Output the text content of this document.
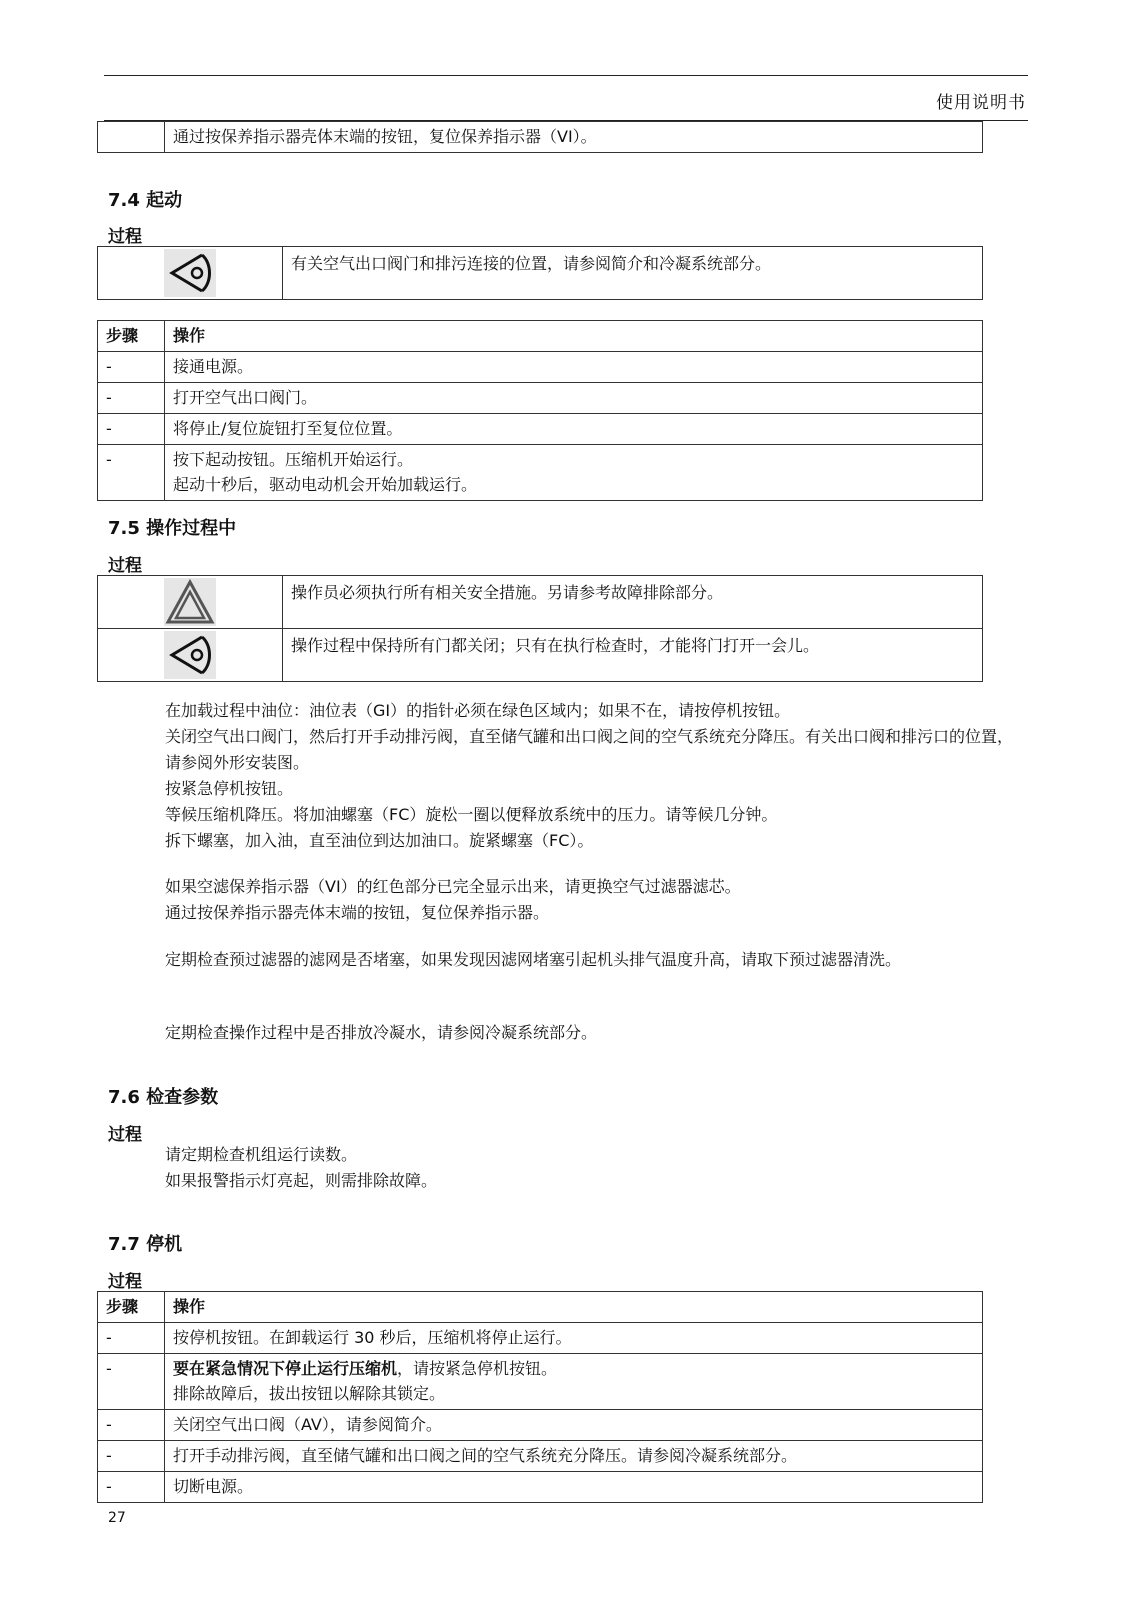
使用说明书
	通过按保养指示器壳体末端的按钮，复位保养指示器（VI）。
7.4 起动
过程
	有关空气出口阀门和排污连接的位置，请参阅简介和冷凝系统部分。
步骤	操作
-	接通电源。
-	打开空气出口阀门。
-	将停止/复位旋钮打至复位位置。
-	按下起动按钮。压缩机开始运行。
起动十秒后，驱动电动机会开始加载运行。
7.5 操作过程中
过程
	操作员必须执行所有相关安全措施。另请参考故障排除部分。
	操作过程中保持所有门都关闭；只有在执行检查时，才能将门打开一会儿。

在加载过程中油位：油位表（GI）的指针必须在绿色区域内；如果不在，请按停机按钮。

关闭空气出口阀门，然后打开手动排污阀，直至储气罐和出口阀之间的空气系统充分降压。有关出口阀和排污口的位置，请参阅外形安装图。

按紧急停机按钮。

等候压缩机降压。将加油螺塞（FC）旋松一圈以便释放系统中的压力。请等候几分钟。

拆下螺塞，加入油，直至油位到达加油口。旋紧螺塞（FC）。

如果空滤保养指示器（VI）的红色部分已完全显示出来，请更换空气过滤器滤芯。

通过按保养指示器壳体末端的按钮，复位保养指示器。

定期检查预过滤器的滤网是否堵塞，如果发现因滤网堵塞引起机头排气温度升高，请取下预过滤器清洗。

定期检查操作过程中是否排放冷凝水，请参阅冷凝系统部分。

7.6 检查参数
过程

请定期检查机组运行读数。

如果报警指示灯亮起，则需排除故障。

7.7 停机
过程
步骤	操作
-	按停机按钮。在卸载运行 30 秒后，压缩机将停止运行。
-	要在紧急情况下停止运行压缩机，请按紧急停机按钮。
排除故障后，拔出按钮以解除其锁定。

-	关闭空气出口阀（AV），请参阅简介。
-	打开手动排污阀，直至储气罐和出口阀之间的空气系统充分降压。请参阅冷凝系统部分。
-	切断电源。
27
